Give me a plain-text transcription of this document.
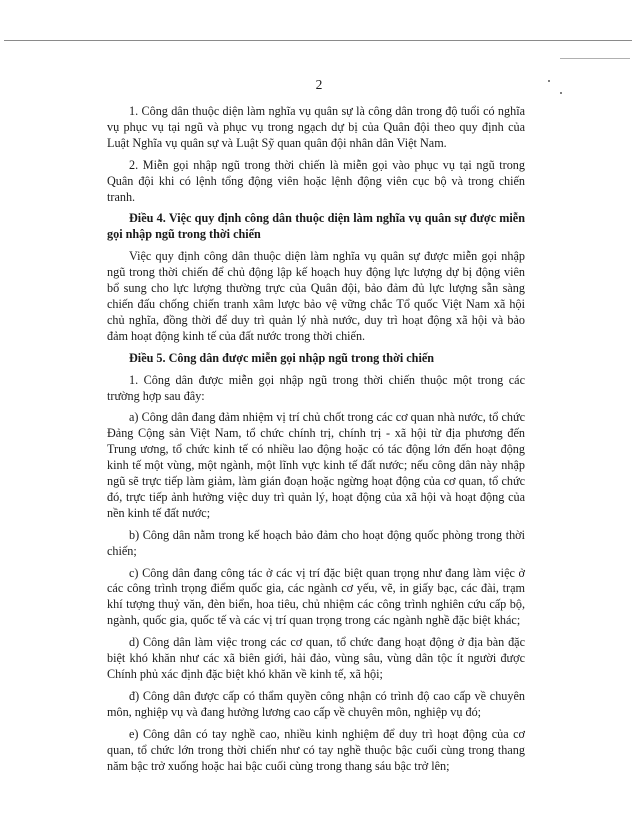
2

1. Công dân thuộc diện làm nghĩa vụ quân sự là công dân trong độ tuổi có nghĩa vụ phục vụ tại ngũ và phục vụ trong ngạch dự bị của Quân đội theo quy định của Luật Nghĩa vụ quân sự và Luật Sỹ quan quân đội nhân dân Việt Nam.

2. Miễn gọi nhập ngũ trong thời chiến là miễn gọi vào phục vụ tại ngũ trong Quân đội khi có lệnh tổng động viên hoặc lệnh động viên cục bộ và trong chiến tranh.

Điều 4. Việc quy định công dân thuộc diện làm nghĩa vụ quân sự được miễn gọi nhập ngũ trong thời chiến

Việc quy định công dân thuộc diện làm nghĩa vụ quân sự được miễn gọi nhập ngũ trong thời chiến để chủ động lập kế hoạch huy động lực lượng dự bị động viên bổ sung cho lực lượng thường trực của Quân đội, bảo đảm đủ lực lượng sẵn sàng chiến đấu chống chiến tranh xâm lược bảo vệ vững chắc Tổ quốc Việt Nam xã hội chủ nghĩa, đồng thời để duy trì quản lý nhà nước, duy trì hoạt động xã hội và bảo đảm hoạt động kinh tế của đất nước trong thời chiến.

Điều 5. Công dân được miễn gọi nhập ngũ trong thời chiến

1. Công dân được miễn gọi nhập ngũ trong thời chiến thuộc một trong các trường hợp sau đây:

a) Công dân đang đảm nhiệm vị trí chủ chốt trong các cơ quan nhà nước, tổ chức Đảng Cộng sản Việt Nam, tổ chức chính trị, chính trị - xã hội từ địa phương đến Trung ương, tổ chức kinh tế có nhiều lao động hoặc có tác động lớn đến hoạt động kinh tế một vùng, một ngành, một lĩnh vực kinh tế đất nước; nếu công dân này nhập ngũ sẽ trực tiếp làm giảm, làm gián đoạn hoặc ngừng hoạt động của cơ quan, tổ chức đó, trực tiếp ảnh hưởng việc duy trì quản lý, hoạt động của xã hội và hoạt động của nền kinh tế đất nước;

b) Công dân nằm trong kế hoạch bảo đảm cho hoạt động quốc phòng trong thời chiến;

c) Công dân đang công tác ở các vị trí đặc biệt quan trọng như đang làm việc ở các công trình trọng điểm quốc gia, các ngành cơ yếu, vẽ, in giấy bạc, các đài, trạm khí tượng thuỷ văn, đèn biển, hoa tiêu, chủ nhiệm các công trình nghiên cứu cấp bộ, ngành, quốc gia, quốc tế và các vị trí quan trọng trong các ngành nghề đặc biệt khác;

d) Công dân làm việc trong các cơ quan, tổ chức đang hoạt động ở địa bàn đặc biệt khó khăn như các xã biên giới, hải đảo, vùng sâu, vùng dân tộc ít người được Chính phủ xác định đặc biệt khó khăn về kinh tế, xã hội;

đ) Công dân được cấp có thẩm quyền công nhận có trình độ cao cấp về chuyên môn, nghiệp vụ và đang hưởng lương cao cấp về chuyên môn, nghiệp vụ đó;

e) Công dân có tay nghề cao, nhiều kinh nghiệm để duy trì hoạt động của cơ quan, tổ chức lớn trong thời chiến như có tay nghề thuộc bậc cuối cùng trong thang năm bậc trở xuống hoặc hai bậc cuối cùng trong thang sáu bậc trở lên;
